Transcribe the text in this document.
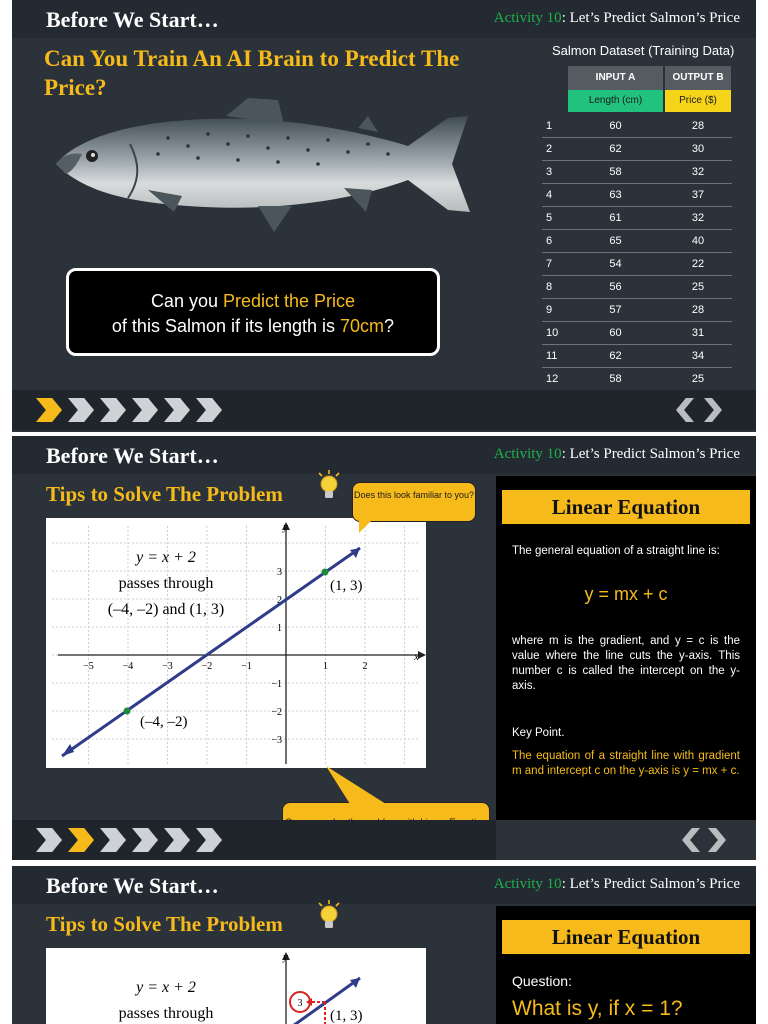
Before We Start…	Activity 10: Let’s Predict Salmon’s Price
Can You Train An AI Brain to Predict The Price?
Can you Predict the Price
of this Salmon if its length is 70cm?
Salmon Dataset (Training Data)
INPUT A	OUTPUT B
Length (cm)	Price ($)
1	60	28
2	62	30
3	58	32
4	63	37
5	61	32
6	65	40
7	54	22
8	56	25
9	57	28
10	60	31
11	62	34
12	58	25
Before We Start…	Activity 10: Let’s Predict Salmon’s Price
Tips to Solve The Problem
x
y
−5	−4	−3	−2	−1	1	2
3
2
1
−1
−2
−3
(1, 3)
(–4, –2)
y = x + 2
passes through
(–4, –2) and (1, 3)
Does this look familiar to you?	Linear Equation
The general equation of a straight line is:
y = mx + c
where m is the gradient, and y = c is the value where the line cuts the y-axis. This number c is called the intercept on the y-axis.
Key Point.
The equation of a straight line with gradient m and intercept c on the y-axis is y = mx + c.
Before We Start…	Activity 10: Let’s Predict Salmon’s Price
Tips to Solve The Problem
y
3
(1, 3)
y = x + 2
passes through
Linear Equation
Question:
What is y, if x = 1?
